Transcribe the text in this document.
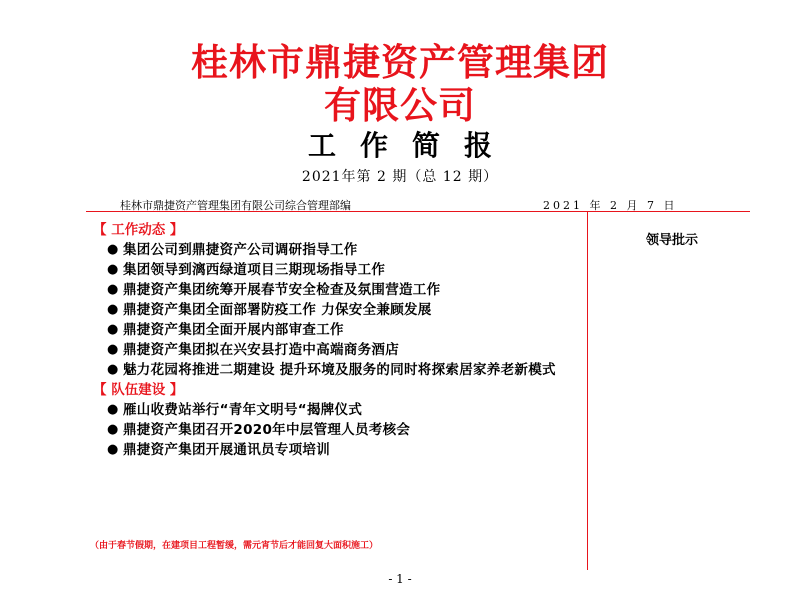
桂林市鼎捷资产管理集团
有限公司
工作简报
2021年第 2 期（总 12 期）
桂林市鼎捷资产管理集团有限公司综合管理部编	2021 年 2 月 7 日
领导批示
【 工作动态 】
● 集团公司到鼎捷资产公司调研指导工作
● 集团领导到漓西绿道项目三期现场指导工作
● 鼎捷资产集团统筹开展春节安全检查及氛围营造工作
● 鼎捷资产集团全面部署防疫工作 力保安全兼顾发展
● 鼎捷资产集团全面开展内部审查工作
● 鼎捷资产集团拟在兴安县打造中高端商务酒店
● 魅力花园将推进二期建设 提升环境及服务的同时将探索居家养老新模式
【 队伍建设 】
● 雁山收费站举行“青年文明号“揭牌仪式
● 鼎捷资产集团召开2020年中层管理人员考核会
● 鼎捷资产集团开展通讯员专项培训
（由于春节假期，在建项目工程暂缓，需元宵节后才能回复大面积施工）
- 1 -
